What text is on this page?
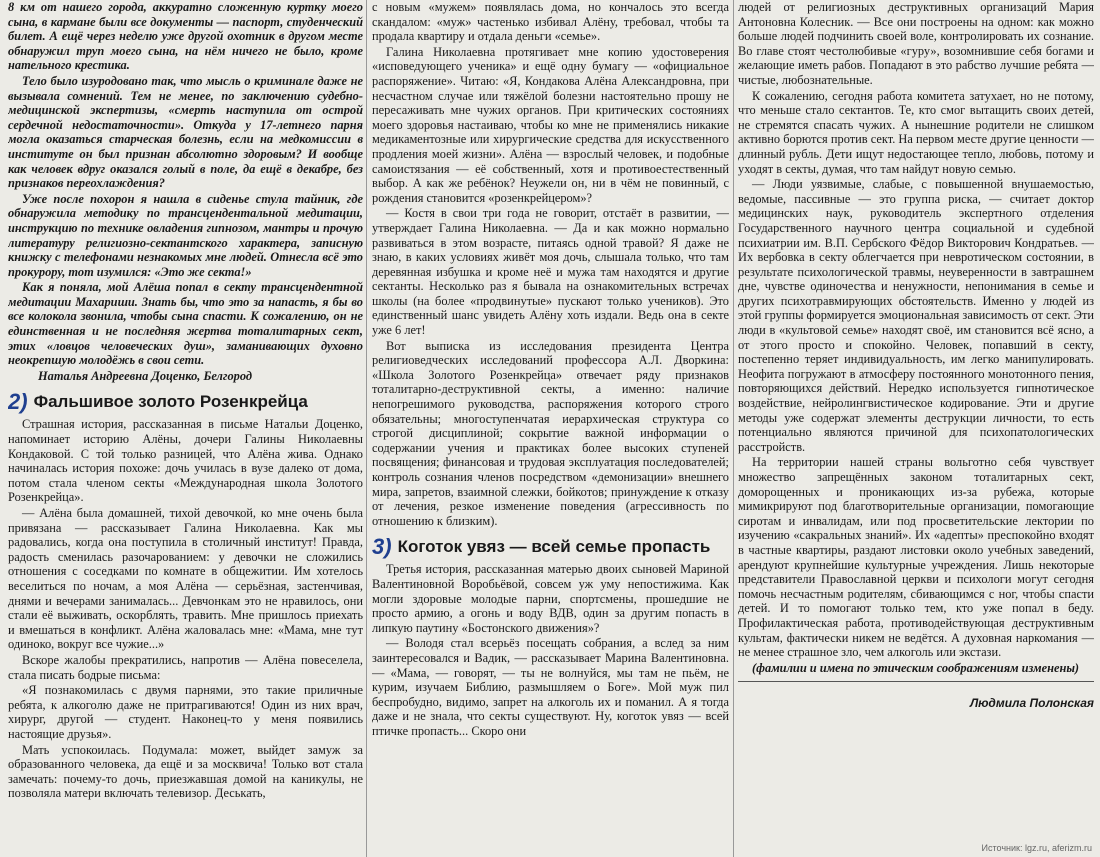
8 км от нашего города, аккуратно сложенную куртку моего сына, в кармане были все документы — паспорт, студенческий билет. А ещё через неделю уже другой охотник в другом месте обнаружил труп моего сына, на нём ничего не было, кроме нательного крестика.

Тело было изуродовано так, что мысль о криминале даже не вызывала сомнений. Тем не менее, по заключению судебно-медицинской экспертизы, «смерть наступила от острой сердечной недостаточности». Откуда у 17-летнего парня могла оказаться старческая болезнь, если на медкомиссии в институте он был признан абсолютно здоровым? И вообще как человек вдруг оказался голый в поле, да ещё в декабре, без признаков переохлаждения?

Уже после похорон я нашла в сиденье стула тайник, где обнаружила методику по трансцендентальной медитации, инструкцию по технике овладения гипнозом, мантры и прочую литературу религиозно-сектантского характера, записную книжку с телефонами незнакомых мне людей. Отнесла всё это прокурору, тот изумился: «Это же секта!»

Как я поняла, мой Алёша попал в секту трансцендентной медитации Махариши. Знать бы, что это за напасть, я бы во все колокола звонила, чтобы сына спасти. К сожалению, он не единственная и не последняя жертва тоталитарных сект, этих «ловцов человеческих душ», заманивающих духовно неокрепшую молодёжь в свои сети.

Наталья Андреевна Доценко, Белгород

2) Фальшивое золото Розенкрейца

Страшная история, рассказанная в письме Натальи Доценко, напоминает историю Алёны, дочери Галины Николаевны Кондаковой. С той только разницей, что Алёна жива. Однако начиналась история похоже: дочь училась в вузе далеко от дома, потом стала членом секты «Международная школа Золотого Розенкрейца».

— Алёна была домашней, тихой девочкой, ко мне очень была привязана — рассказывает Галина Николаевна. Как мы радовались, когда она поступила в столичный институт! Правда, радость сменилась разочарованием: у девочки не сложились отношения с соседками по комнате в общежитии. Им хотелось веселиться по ночам, а моя Алёна — серьёзная, застенчивая, днями и вечерами занималась... Девчонкам это не нравилось, они стали её выживать, оскорблять, травить. Мне пришлось приехать и вмешаться в конфликт. Алёна жаловалась мне: «Мама, мне тут одиноко, вокруг все чужие...»

Вскоре жалобы прекратились, напротив — Алёна повеселела, стала писать бодрые письма:

«Я познакомилась с двумя парнями, это такие приличные ребята, к алкоголю даже не притрагиваются! Один из них врач, хирург, другой — студент. Наконец-то у меня появились настоящие друзья».

Мать успокоилась. Подумала: может, выйдет замуж за образованного человека, да ещё и за москвича! Только вот стала замечать: почему-то дочь, приезжавшая домой на каникулы, не позволяла матери включать телевизор. Деськать,

с новым «мужем» появлялась дома, но кончалось это всегда скандалом: «муж» частенько избивал Алёну, требовал, чтобы та продала квартиру и отдала деньги «семье».

Галина Николаевна протягивает мне копию удостоверения «исповедующего ученика» и ещё одну бумагу — «официальное распоряжение». Читаю: «Я, Кондакова Алёна Александровна, при несчастном случае или тяжёлой болезни настоятельно прошу не пересаживать мне чужих органов. При критических состояниях моего здоровья настаиваю, чтобы ко мне не применялись никакие медикаментозные или хирургические средства для искусственного продления моей жизни». Алёна — взрослый человек, и подобные самоистязания — её собственный, хотя и противоестественный выбор. А как же ребёнок? Неужели он, ни в чём не повинный, с рождения становится «розенкрейцером»?

— Костя в свои три года не говорит, отстаёт в развитии, — утверждает Галина Николаевна. — Да и как можно нормально развиваться в этом возрасте, питаясь одной травой? Я даже не знаю, в каких условиях живёт моя дочь, слышала только, что там деревянная избушка и кроме неё и мужа там находятся и другие сектанты. Несколько раз я бывала на ознакомительных встречах школы (на более «продвинутые» пускают только учеников). Это единственный шанс увидеть Алёну хоть издали. Ведь она в секте уже 6 лет!

Вот выписка из исследования президента Центра религиоведческих исследований профессора А.Л. Дворкина: «Школа Золотого Розенкрейца» отвечает ряду признаков тоталитарно-деструктивной секты, а именно: наличие непогрешимого руководства, распоряжения которого строго обязательны; многоступенчатая иерархическая структура со строгой дисциплиной; сокрытие важной информации о содержании учения и практиках более высоких ступеней посвящения; финансовая и трудовая эксплуатация последователей; контроль сознания членов посредством «демонизации» внешнего мира, запретов, взаимной слежки, бойкотов; принуждение к отказу от лечения, резкое изменение поведения (агрессивность по отношению к близким).

3) Коготок увяз — всей семье пропасть

Третья история, рассказанная матерью двоих сыновей Мариной Валентиновной Воробьёвой, совсем уж уму непостижима. Как могли здоровые молодые парни, спортсмены, прошедшие не просто армию, а огонь и воду ВДВ, один за другим попасть в липкую паутину «Бостонского движения»?

— Володя стал всерьёз посещать собрания, а вслед за ним заинтересовался и Вадик, — рассказывает Марина Валентиновна. — «Мама, — говорят, — ты не волнуйся, мы там не пьём, не курим, изучаем Библию, размышляем о Боге». Мой муж пил беспробудно, видимо, запрет на алкоголь их и поманил. А я тогда даже и не знала, что секты существуют. Ну, коготок увяз — всей птичке пропасть... Скоро они

людей от религиозных деструктивных организаций Мария Антоновна Колесник. — Все они построены на одном: как можно больше людей подчинить своей воле, контролировать их сознание. Во главе стоят честолюбивые «гуру», возомнившие себя богами и желающие иметь рабов. Попадают в это рабство лучшие ребята — чистые, любознательные.

К сожалению, сегодня работа комитета затухает, но не потому, что меньше стало сектантов. Те, кто смог вытащить своих детей, не стремятся спасать чужих. А нынешние родители не слишком активно борются против сект. На первом месте другие ценности — длинный рубль. Дети ищут недостающее тепло, любовь, потому и уходят в секты, думая, что там найдут новую семью.

— Люди уязвимые, слабые, с повышенной внушаемостью, ведомые, пассивные — это группа риска, — считает доктор медицинских наук, руководитель экспертного отделения Государственного научного центра социальной и судебной психиатрии им. В.П. Сербского Фёдор Викторович Кондратьев. — Их вербовка в секту облегчается при невротическом состоянии, в результате психологической травмы, неуверенности в завтрашнем дне, чувстве одиночества и ненужности, непонимания в семье и других психотравмирующих обстоятельств. Именно у людей из этой группы формируется эмоциональная зависимость от сект. Эти люди в «культовой семье» находят своё, им становится всё ясно, а от этого просто и спокойно. Человек, попавший в секту, постепенно теряет индивидуальность, им легко манипулировать. Неофита погружают в атмосферу постоянного монотонного пения, повторяющихся действий. Нередко используется гипнотическое воздействие, нейролингвистическое кодирование. Эти и другие методы уже содержат элементы деструкции личности, то есть потенциально являются причиной для психопатологических расстройств.

На территории нашей страны вольготно себя чувствует множество запрещённых законом тоталитарных сект, доморощенных и проникающих из-за рубежа, которые мимикрируют под благотворительные организации, помогающие сиротам и инвалидам, или под просветительские лектории по изучению «сакральных знаний». Их «адепты» преспокойно входят в частные квартиры, раздают листовки около учебных заведений, арендуют крупнейшие культурные учреждения. Лишь некоторые представители Православной церкви и психологи могут сегодня помочь несчастным родителям, сбивающимся с ног, чтобы спасти детей. И то помогают только тем, кто уже попал в беду. Профилактическая работа, противодействующая деструктивным культам, фактически никем не ведётся. А духовная наркомания — не менее страшное зло, чем алкоголь или экстази.

(фамилии и имена по этическим соображениям изменены)

Людмила Полонская
Источник: lgz.ru, aferizm.ru
